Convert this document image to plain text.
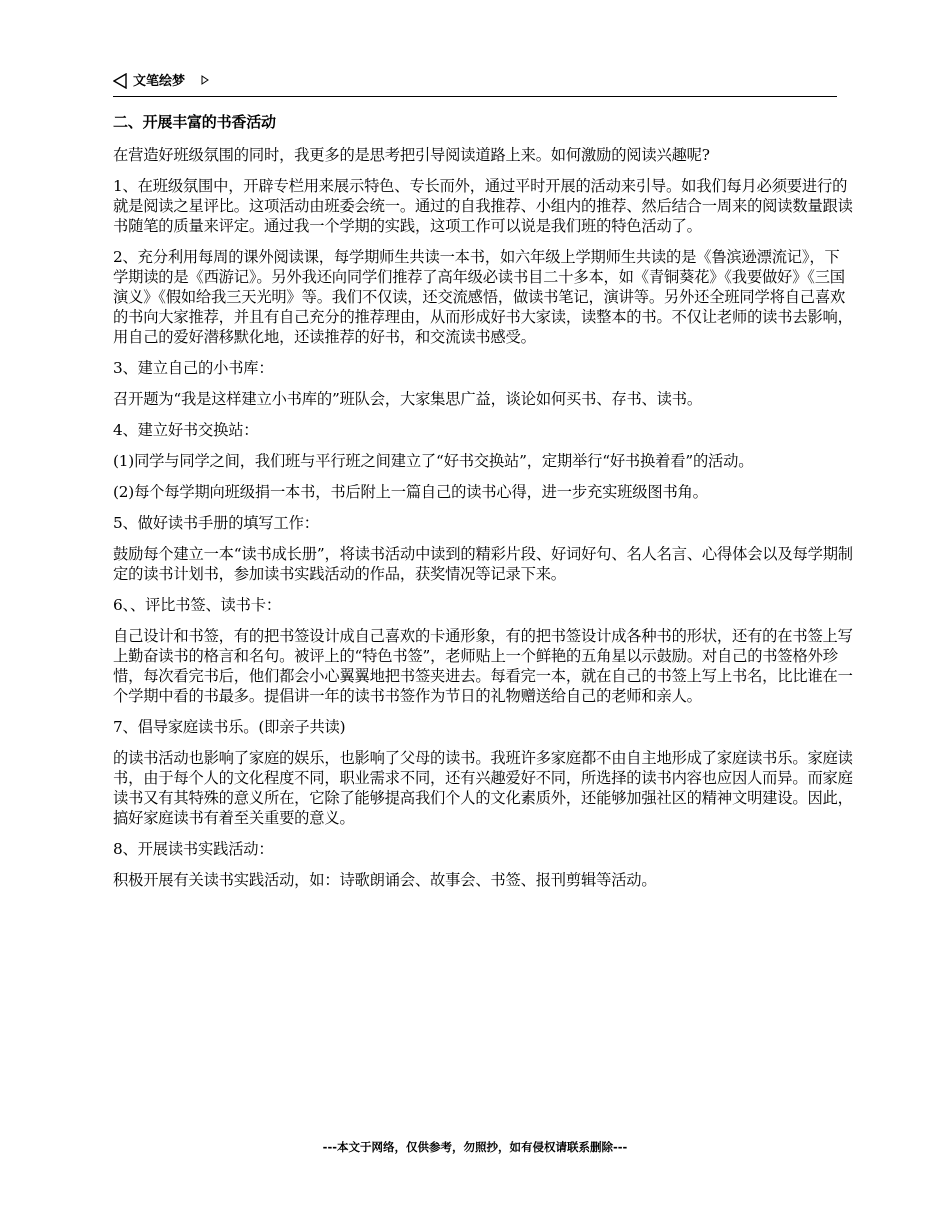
文笔绘梦

二、开展丰富的书香活动

在营造好班级氛围的同时，我更多的是思考把引导阅读道路上来。如何激励的阅读兴趣呢?

1、在班级氛围中，开辟专栏用来展示特色、专长而外，通过平时开展的活动来引导。如我们每月必须要进行的就是阅读之星评比。这项活动由班委会统一。通过的自我推荐、小组内的推荐、然后结合一周来的阅读数量跟读书随笔的质量来评定。通过我一个学期的实践，这项工作可以说是我们班的特色活动了。

2、充分利用每周的课外阅读课，每学期师生共读一本书，如六年级上学期师生共读的是《鲁滨逊漂流记》，下学期读的是《西游记》。另外我还向同学们推荐了高年级必读书目二十多本，如《青铜葵花》《我要做好》《三国演义》《假如给我三天光明》等。我们不仅读，还交流感悟，做读书笔记，演讲等。另外还全班同学将自己喜欢的书向大家推荐，并且有自己充分的推荐理由，从而形成好书大家读，读整本的书。不仅让老师的读书去影响，用自己的爱好潜移默化地，还读推荐的好书，和交流读书感受。

3、建立自己的小书库：

召开题为“我是这样建立小书库的”班队会，大家集思广益，谈论如何买书、存书、读书。

4、建立好书交换站：

(1)同学与同学之间，我们班与平行班之间建立了“好书交换站”，定期举行“好书换着看”的活动。

(2)每个每学期向班级捐一本书，书后附上一篇自己的读书心得，进一步充实班级图书角。

5、做好读书手册的填写工作：

鼓励每个建立一本“读书成长册”，将读书活动中读到的精彩片段、好词好句、名人名言、心得体会以及每学期制定的读书计划书，参加读书实践活动的作品，获奖情况等记录下来。

6、、评比书签、读书卡：

自己设计和书签，有的把书签设计成自己喜欢的卡通形象，有的把书签设计成各种书的形状，还有的在书签上写上勤奋读书的格言和名句。被评上的“特色书签”，老师贴上一个鲜艳的五角星以示鼓励。对自己的书签格外珍惜，每次看完书后，他们都会小心翼翼地把书签夹进去。每看完一本，就在自己的书签上写上书名，比比谁在一个学期中看的书最多。提倡讲一年的读书书签作为节日的礼物赠送给自己的老师和亲人。

7、倡导家庭读书乐。(即亲子共读)

的读书活动也影响了家庭的娱乐，也影响了父母的读书。我班许多家庭都不由自主地形成了家庭读书乐。家庭读书，由于每个人的文化程度不同，职业需求不同，还有兴趣爱好不同，所选择的读书内容也应因人而异。而家庭读书又有其特殊的意义所在，它除了能够提高我们个人的文化素质外，还能够加强社区的精神文明建设。因此，搞好家庭读书有着至关重要的意义。

8、开展读书实践活动：

积极开展有关读书实践活动，如：诗歌朗诵会、故事会、书签、报刊剪辑等活动。

---本文于网络，仅供参考，勿照抄，如有侵权请联系删除---
